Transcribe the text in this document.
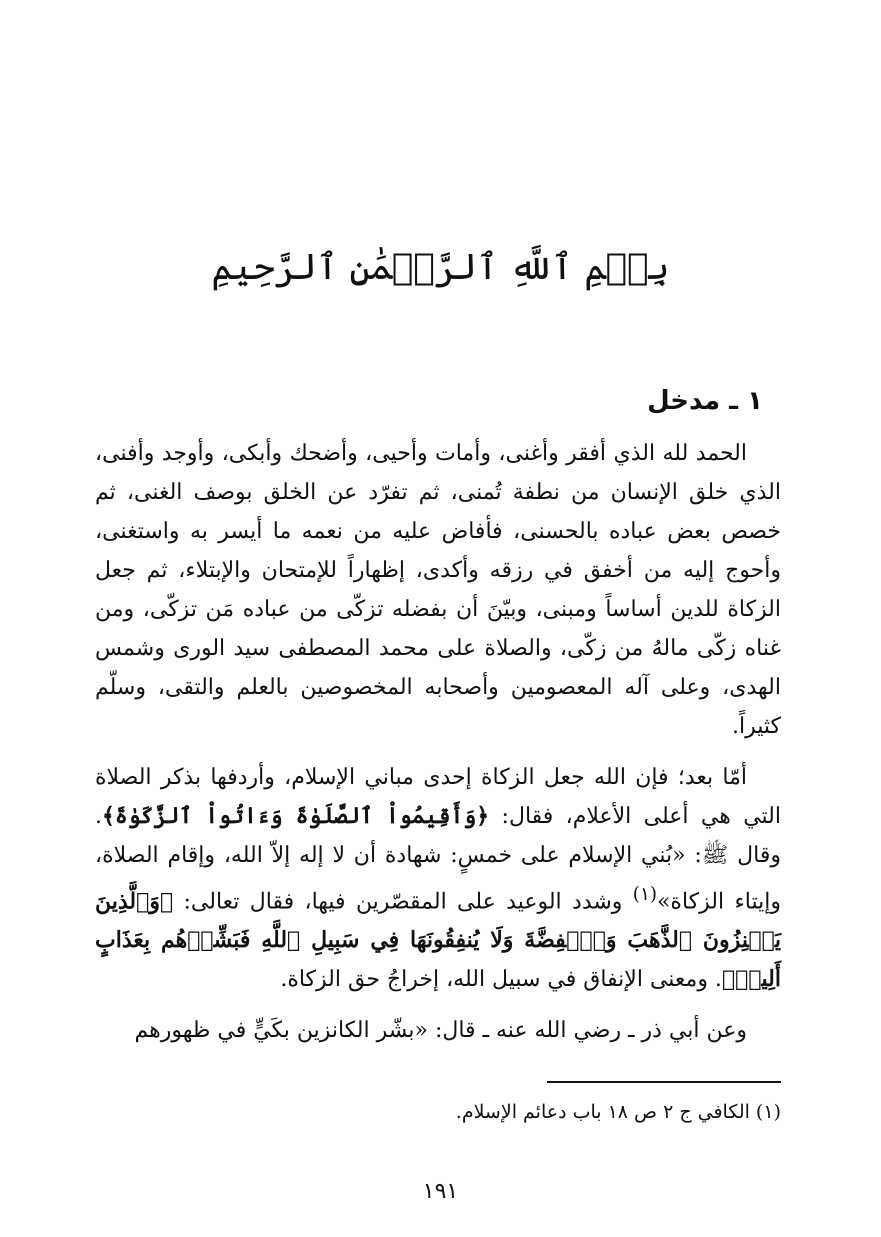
بِسۡمِ ٱللَّهِ ٱلرَّحۡمَٰنِ ٱلرَّحِيمِ
١ ـ مدخل

الحمد لله الذي أفقر وأغنى، وأمات وأحيى، وأضحك وأبكى، وأوجد وأفنى، الذي خلق الإنسان من نطفة تُمنى، ثم تفرّد عن الخلق بوصف الغنى، ثم خصص بعض عباده بالحسنى، فأفاض عليه من نعمه ما أيسر به واستغنى، وأحوج إليه من أخفق في رزقه وأكدى، إظهاراً للإمتحان والإبتلاء، ثم جعل الزكاة للدين أساساً ومبنى، وبيّنَ أن بفضله تزكّى من عباده مَن تزكّى، ومن غناه زكّى مالهُ من زكّى، والصلاة على محمد المصطفى سيد الورى وشمس الهدى، وعلى آله المعصومين وأصحابه المخصوصين بالعلم والتقى، وسلّم كثيراً.

أمّا بعد؛ فإن الله جعل الزكاة إحدى مباني الإسلام، وأردفها بذكر الصلاة التي هي أعلى الأعلام، فقال: ﴿وَأَقِيمُواْ ٱلصَّلَوٰةَ وَءَاتُواْ ٱلزَّكَوٰةَ﴾. وقال ﷺ: «بُني الإسلام على خمسٍ: شهادة أن لا إله إلاّ الله، وإقام الصلاة، وإيتاء الزكاة»$^{(١)}$ وشدد الوعيد على المقصّرين فيها، فقال تعالى: ﴿وَٱلَّذِينَ يَكۡنِزُونَ ٱلذَّهَبَ وَٱلۡفِضَّةَ وَلَا يُنفِقُونَهَا فِي سَبِيلِ ٱللَّهِ فَبَشِّرۡهُم بِعَذَابٍ أَلِيمٖ﴾. ومعنى الإنفاق في سبيل الله، إخراجُ حق الزكاة.

وعن أبي ذر ـ رضي الله عنه ـ قال: «بشّر الكانزين بكَيٍّ في ظهورهم

(١) الكافي ج ٢ ص ١٨ باب دعائم الإسلام.
١٩١
